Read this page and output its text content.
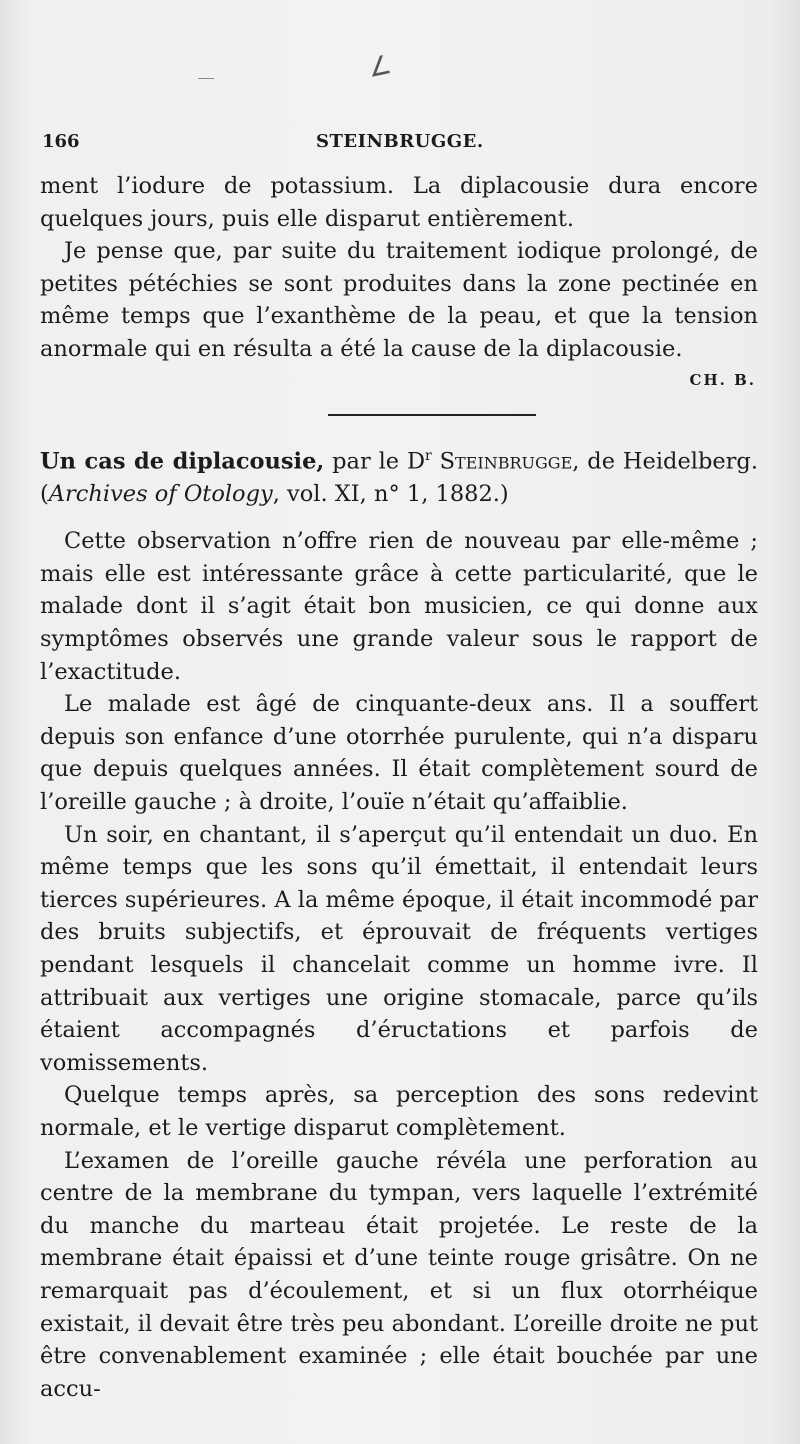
∠
166	STEINBRUGGE.

ment l’iodure de potassium. La diplacousie dura encore quelques jours, puis elle disparut entièrement.

Je pense que, par suite du traitement iodique prolongé, de petites pétéchies se sont produites dans la zone pectinée en même temps que l’exanthème de la peau, et que la tension anormale qui en résulta a été la cause de la diplacousie.

CH. B.

Un cas de diplacousie, par le $D^r$ Steinbrugge, de Heidelberg. (Archives of Otology, vol. XI, n° 1, 1882.)

Cette observation n’offre rien de nouveau par elle-même ; mais elle est intéressante grâce à cette particularité, que le malade dont il s’agit était bon musicien, ce qui donne aux symptômes observés une grande valeur sous le rapport de l’exactitude.

Le malade est âgé de cinquante-deux ans. Il a souffert depuis son enfance d’une otorrhée purulente, qui n’a disparu que depuis quelques années. Il était complètement sourd de l’oreille gauche ; à droite, l’ouïe n’était qu’affaiblie.

Un soir, en chantant, il s’aperçut qu’il entendait un duo. En même temps que les sons qu’il émettait, il entendait leurs tierces supérieures. A la même époque, il était incommodé par des bruits subjectifs, et éprouvait de fréquents vertiges pendant lesquels il chancelait comme un homme ivre. Il attribuait aux vertiges une origine stomacale, parce qu’ils étaient accompagnés d’éructations et parfois de vomissements.

Quelque temps après, sa perception des sons redevint normale, et le vertige disparut complètement.

L’examen de l’oreille gauche révéla une perforation au centre de la membrane du tympan, vers laquelle l’extrémité du manche du marteau était projetée. Le reste de la membrane était épaissi et d’une teinte rouge grisâtre. On ne remarquait pas d’écoulement, et si un flux otorrhéique existait, il devait être très peu abondant. L’oreille droite ne put être convenablement examinée ; elle était bouchée par une accu-
